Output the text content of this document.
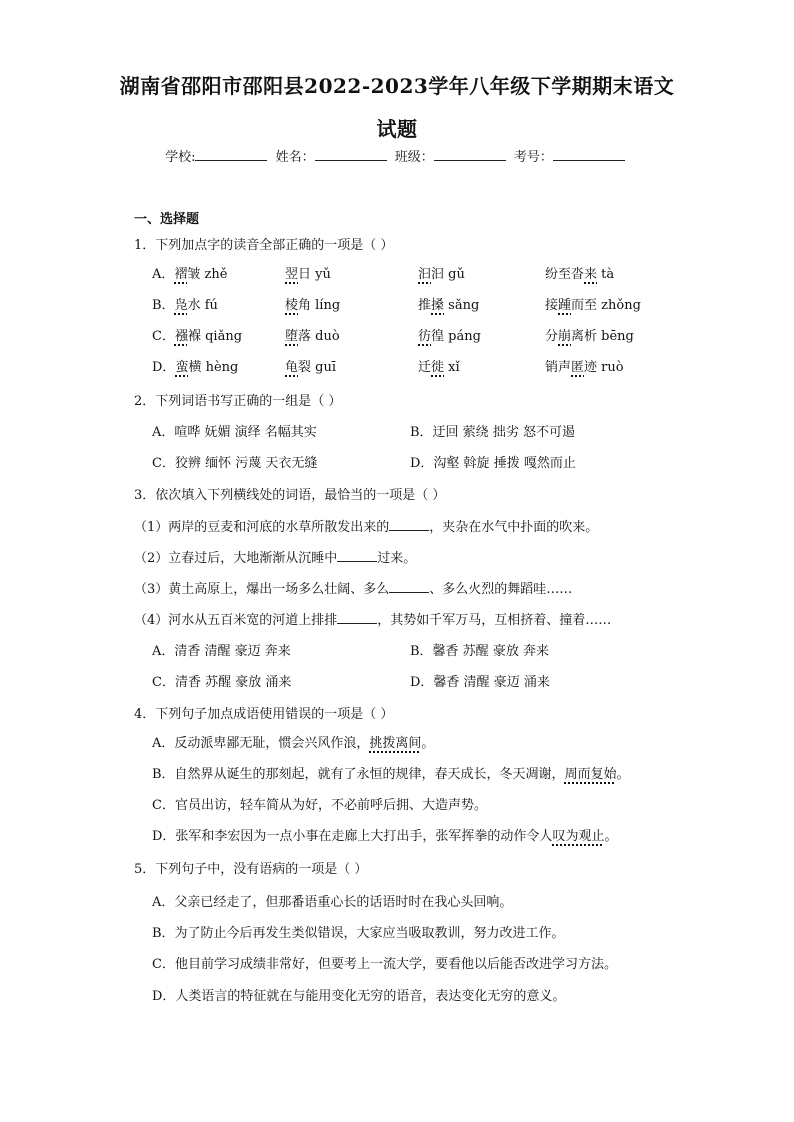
湖南省邵阳市邵阳县2022-2023学年八年级下学期期末语文
试题
学校:	姓名：	班级：	考号：
一、选择题
1．下列加点字的读音全部正确的一项是（ ）
A．褶皱 zhě	翌日 yǔ	汩汩 gǔ	纷至沓来 tà
B．凫水 fú	棱角 líng	推搡 sǎng	接踵而至 zhǒng
C．襁褓 qiǎng	堕落 duò	彷徨 páng	分崩离析 bēng
D．蛮横 hèng	龟裂 guī	迁徙 xǐ	销声匿迹 ruò
2．下列词语书写正确的一组是（ ）
A．喧哗 妩媚 演绎 名幅其实	B．迂回 萦绕 拙劣 怒不可遏
C．狡辨 缅怀 污蔑 天衣无缝	D．沟壑 斡旋 捶拨 嘎然而止
3．依次填入下列横线处的词语，最恰当的一项是（ ）
（1）两岸的豆麦和河底的水草所散发出来的	，夹杂在水气中扑面的吹来。
（2）立春过后，大地渐渐从沉睡中	过来。
（3）黄土高原上，爆出一场多么壮阔、多么	、多么火烈的舞蹈哇……
（4）河水从五百米宽的河道上排排	，其势如千军万马，互相挤着、撞着……
A．清香 清醒 豪迈 奔来	B．馨香 苏醒 豪放 奔来
C．清香 苏醒 豪放 涌来	D．馨香 清醒 豪迈 涌来
4．下列句子加点成语使用错误的一项是（ ）
A．反动派卑鄙无耻，惯会兴风作浪，挑拨离间。
B．自然界从诞生的那刻起，就有了永恒的规律，春天成长，冬天凋谢，周而复始。
C．官员出访，轻车简从为好，不必前呼后拥、大造声势。
D．张军和李宏因为一点小事在走廊上大打出手，张军挥拳的动作令人叹为观止。
5．下列句子中，没有语病的一项是（ ）
A．父亲已经走了，但那番语重心长的话语时时在我心头回响。
B．为了防止今后再发生类似错误，大家应当吸取教训，努力改进工作。
C．他目前学习成绩非常好，但要考上一流大学，要看他以后能否改进学习方法。
D．人类语言的特征就在与能用变化无穷的语音，表达变化无穷的意义。
